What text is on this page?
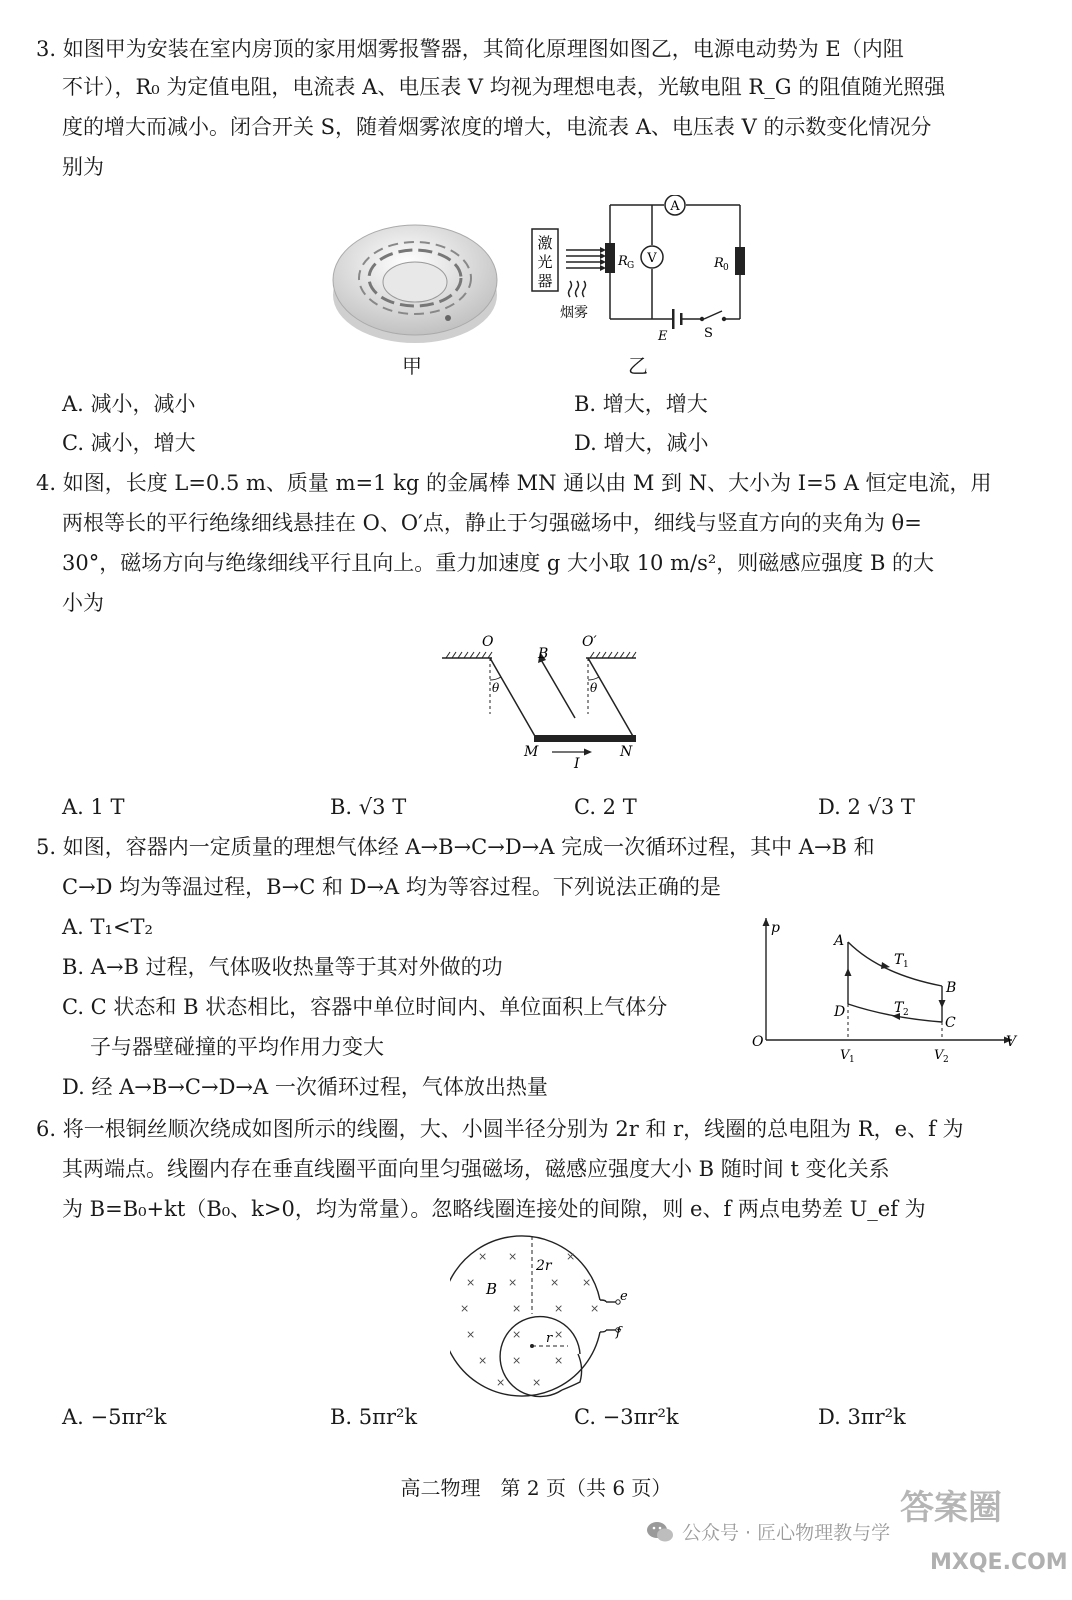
3. 如图甲为安装在室内房顶的家用烟雾报警器，其简化原理图如图乙，电源电动势为 E（内阻
不计），R₀ 为定值电阻，电流表 A、电压表 V 均视为理想电表，光敏电阻 R_G 的阻值随光照强
度的增大而减小。闭合开关 S，随着烟雾浓度的增大，电流表 A、电压表 V 的示数变化情况分
别为
甲
激
光
器
烟雾
R G	R 0
A
V
E	S
乙
A. 减小，减小	B. 增大，增大
C. 减小，增大	D. 增大，减小
4. 如图，长度 L=0.5 m、质量 m=1 kg 的金属棒 MN 通以由 M 到 N、大小为 I=5 A 恒定电流，用
两根等长的平行绝缘细线悬挂在 O、O′点，静止于匀强磁场中，细线与竖直方向的夹角为 θ=
30°，磁场方向与绝缘细线平行且向上。重力加速度 g 大小取 10 m/s²，则磁感应强度 B 的大
小为
O	O′
B
θ	θ
M	N
I
A. 1 T	B. √3 T	C. 2 T	D. 2 √3 T
5. 如图，容器内一定质量的理想气体经 A→B→C→D→A 完成一次循环过程，其中 A→B 和
C→D 均为等温过程，B→C 和 D→A 均为等容过程。下列说法正确的是
A. T₁<T₂
B. A→B 过程，气体吸收热量等于其对外做的功
C. C 状态和 B 状态相比，容器中单位时间内、单位面积上气体分
子与器壁碰撞的平均作用力变大
D. 经 A→B→C→D→A 一次循环过程，气体放出热量
p
V
O
A
B
C
D
T 1
T 2
V 1	V 2
6. 将一根铜丝顺次绕成如图所示的线圈，大、小圆半径分别为 2r 和 r，线圈的总电阻为 R，e、f 为
其两端点。线圈内存在垂直线圈平面向里匀强磁场，磁感应强度大小 B 随时间 t 变化关系
为 B=B₀+kt（B₀、k>0，均为常量）。忽略线圈连接处的间隙，则 e、f 两点电势差 U_ef 为
× ×	×
×	×	× ×
×	×	× ×
×	×	×
× ×	×
× ×
2r
B
r
e
f
A. −5πr²k	B. 5πr²k	C. −3πr²k	D. 3πr²k
高二物理　第 2 页（共 6 页）
公众号 · 匠心物理教与学
答案圈
MXQE.COM
